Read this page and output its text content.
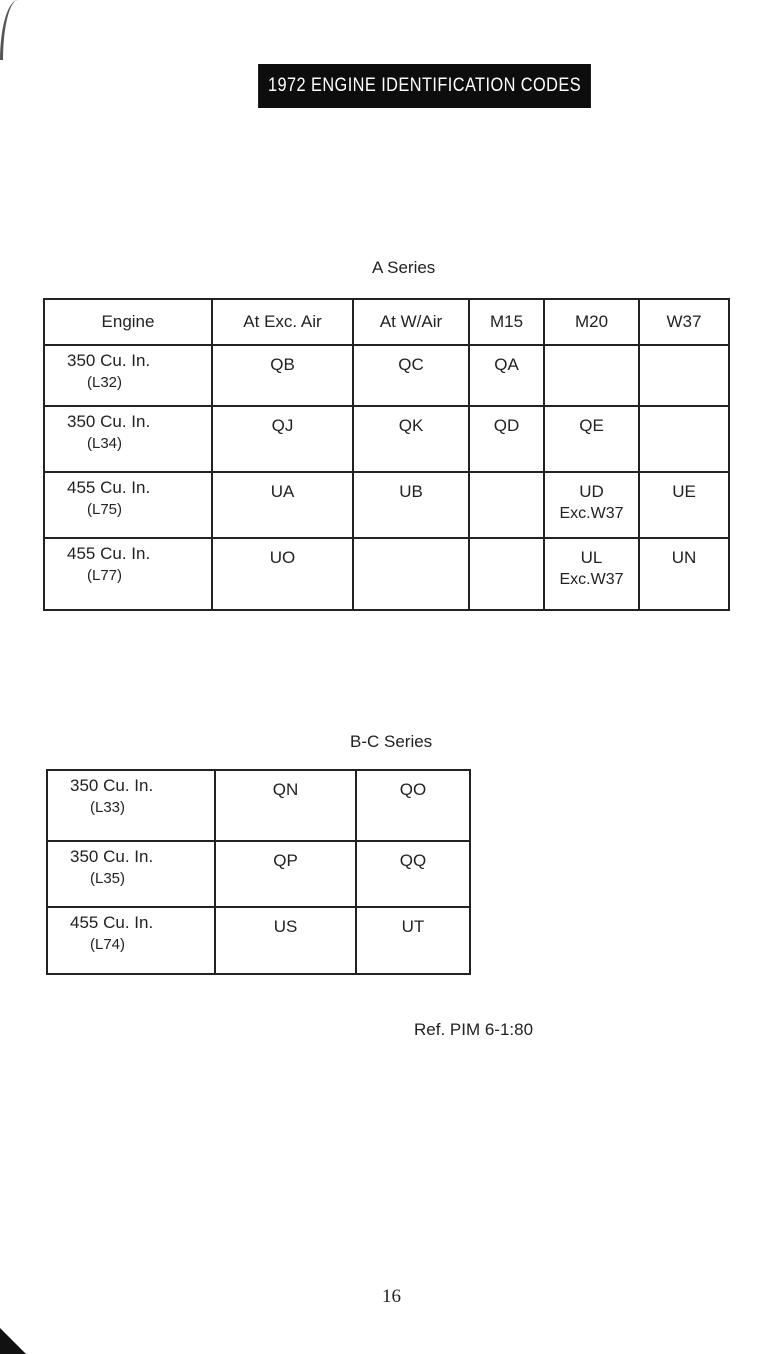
1972 ENGINE IDENTIFICATION CODES
A Series
Engine	At Exc. Air	At W/Air	M15	M20	W37
350 Cu. In.
(L32)	QB	QC	QA		
350 Cu. In.
(L34)	QJ	QK	QD	QE	
455 Cu. In.
(L75)	UA	UB		UD
Exc.W37	UE
455 Cu. In.
(L77)	UO			UL
Exc.W37	UN
B-C Series
350 Cu. In.
(L33)	QN	QO
350 Cu. In.
(L35)	QP	QQ
455 Cu. In.
(L74)	US	UT
Ref. PIM 6-1:80
16
